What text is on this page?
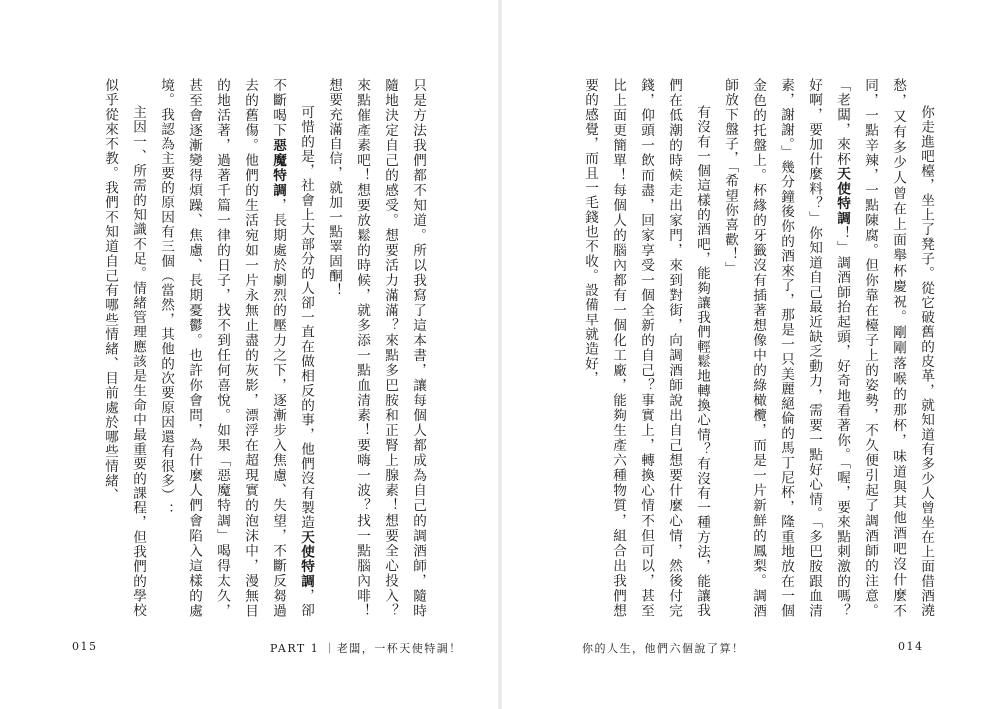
只是方法我們都不知道。所以我寫了這本書，讓每個人都成為自己的調酒師，隨時隨地決定自己的感受。想要活力滿滿？來點多巴胺和正腎上腺素！想要全心投入？來點催產素吧！想要放鬆的時候，就多添一點血清素！要嗨一波？找一點腦內啡！想要充滿自信，就加一點睪固酮！

可惜的是，社會上大部分的人卻一直在做相反的事，他們沒有製造天使特調，卻不斷喝下惡魔特調，長期處於劇烈的壓力之下，逐漸步入焦慮、失望，不斷反芻過去的舊傷。他們的生活宛如一片永無止盡的灰影，漂浮在超現實的泡沫中，漫無目的地活著，過著千篇一律的日子，找不到任何喜悅。如果「惡魔特調」喝得太久，甚至會逐漸變得煩躁、焦慮、長期憂鬱。也許你會問，為什麼人們會陷入這樣的處境。我認為主要的原因有三個（當然，其他的次要原因還有很多）：

主因一、所需的知識不足。情緒管理應該是生命中最重要的課程，但我們的學校似乎從來不教。我們不知道自己有哪些情緒、目前處於哪些情緒、

015	PART 1 ｜老闆，一杯天使特調！

你走進吧檯，坐上了凳子。從它破舊的皮革，就知道有多少人曾坐在上面借酒澆愁，又有多少人曾在上面舉杯慶祝。剛剛落喉的那杯，味道與其他酒吧沒什麼不同，一點辛辣，一點陳腐。但你靠在檯子上的姿勢，不久便引起了調酒師的注意。「老闆，來杯天使特調！」調酒師抬起頭，好奇地看著你。「喔，要來點刺激的嗎？好啊，要加什麼料？」你知道自己最近缺乏動力，需要一點好心情。「多巴胺跟血清素，謝謝。」幾分鐘後你的酒來了，那是一只美麗絕倫的馬丁尼杯，隆重地放在一個金色的托盤上。杯緣的牙籤沒有插著想像中的綠橄欖，而是一片新鮮的鳳梨。調酒師放下盤子，「希望你喜歡！」

有沒有一個這樣的酒吧，能夠讓我們輕鬆地轉換心情？有沒有一種方法，能讓我們在低潮的時候走出家門，來到對街，向調酒師說出自己想要什麼心情，然後付完錢，仰頭一飲而盡，回家享受一個全新的自己？事實上，轉換心情不但可以，甚至比上面更簡單！每個人的腦內都有一個化工廠，能夠生產六種物質，組合出我們想要的感覺，而且一毛錢也不收。設備早就造好，

你的人生，他們六個說了算！	014
